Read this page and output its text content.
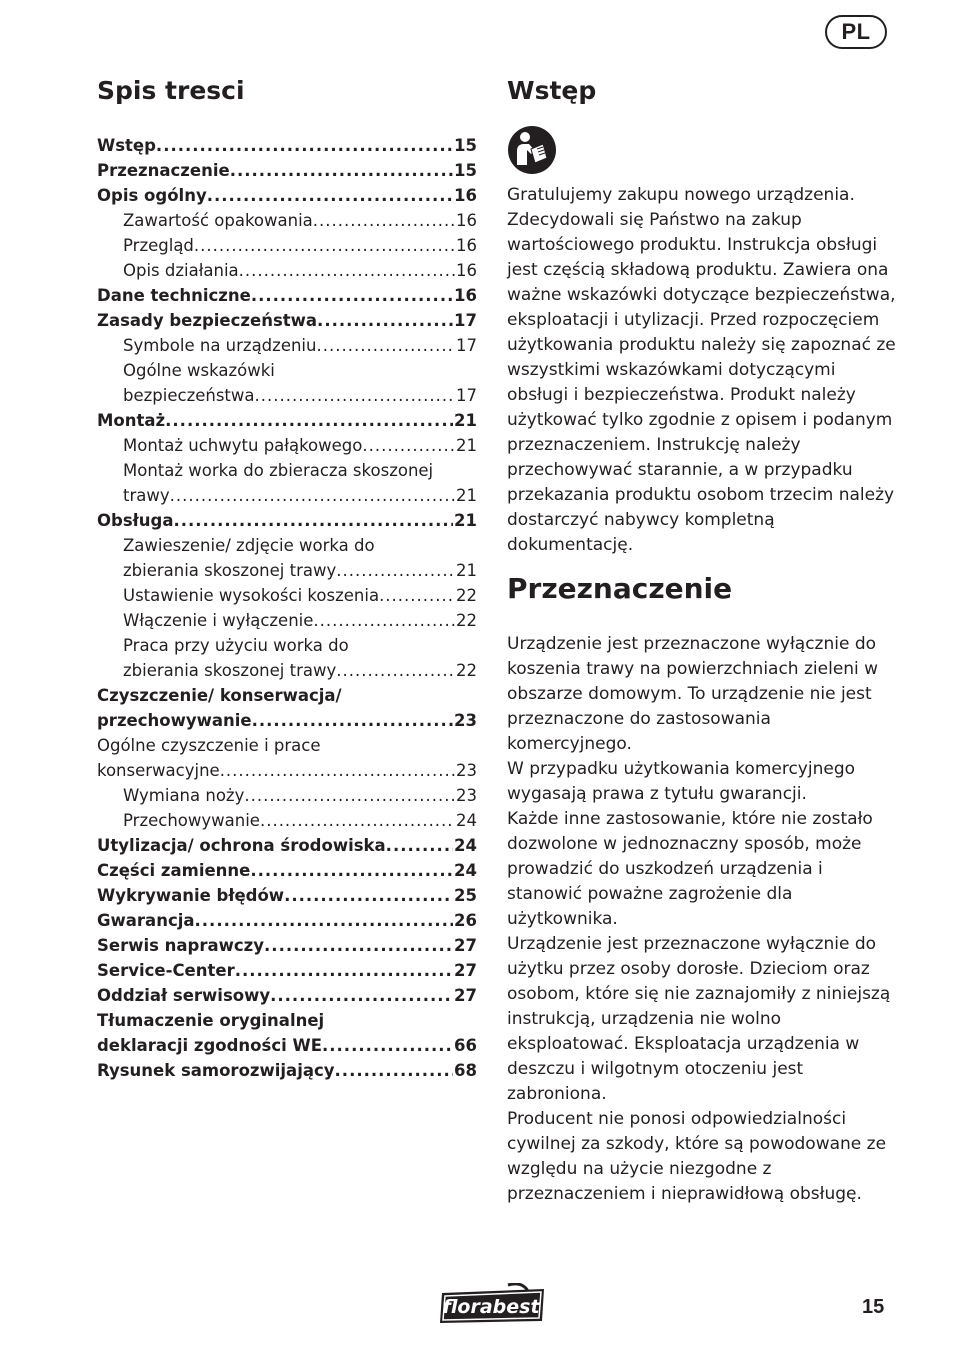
PL
Spis tresci
Wstęp .....	15
Przeznaczenie .....	15
Opis ogólny .....	16
Zawartość opakowania .....	16
Przegląd .....	16
Opis działania .....	16
Dane techniczne .....	16
Zasady bezpieczeństwa .....	17
Symbole na urządzeniu .....	17
Ogólne wskazówki
bezpieczeństwa .....	17
Montaż .....	21
Montaż uchwytu pałąkowego .....	21
Montaż worka do zbieracza skoszonej
trawy .....	21
Obsługa .....	21
Zawieszenie/ zdjęcie worka do
zbierania skoszonej trawy .....	21
Ustawienie wysokości koszenia .....	22
Włączenie i wyłączenie .....	22
Praca przy użyciu worka do
zbierania skoszonej trawy .....	22
Czyszczenie/ konserwacja/
przechowywanie .....	23
Ogólne czyszczenie i prace
konserwacyjne .....	23
Wymiana noży .....	23
Przechowywanie .....	24
Utylizacja/ ochrona środowiska .....	24
Części zamienne .....	24
Wykrywanie błędów .....	25
Gwarancja .....	26
Serwis naprawczy .....	27
Service-Center .....	27
Oddział serwisowy .....	27
Tłumaczenie oryginalnej
deklaracji zgodności WE .....	66
Rysunek samorozwijający .....	68
Wstęp

Gratulujemy zakupu nowego urządzenia. Zdecydowali się Państwo na zakup wartościowego produktu. Instrukcja obsługi jest częścią składową produktu. Zawiera ona ważne wskazówki dotyczące bezpieczeństwa, eksploatacji i utylizacji. Przed rozpoczęciem użytkowania produktu należy się zapoznać ze wszystkimi wskazówkami dotyczącymi obsługi i bezpieczeństwa. Produkt należy użytkować tylko zgodnie z opisem i podanym przeznaczeniem. Instrukcję należy przechowywać starannie, a w przypadku przekazania produktu osobom trzecim należy dostarczyć nabywcy kompletną dokumentację.

Przeznaczenie

Urządzenie jest przeznaczone wyłącznie do koszenia trawy na powierzchniach zieleni w obszarze domowym. To urządzenie nie jest przeznaczone do zastosowania komercyjnego.

W przypadku użytkowania komercyjnego wygasają prawa z tytułu gwarancji.

Każde inne zastosowanie, które nie zostało dozwolone w jednoznaczny sposób, może prowadzić do uszkodzeń urządzenia i stanowić poważne zagrożenie dla użytkownika.

Urządzenie jest przeznaczone wyłącznie do użytku przez osoby dorosłe. Dzieciom oraz osobom, które się nie zaznajomiły z niniejszą instrukcją, urządzenia nie wolno eksploatować. Eksploatacja urządzenia w deszczu i wilgotnym otoczeniu jest zabroniona.

Producent nie ponosi odpowiedzialności cywilnej za szkody, które są powodowane ze względu na użycie niezgodne z przeznaczeniem i nieprawidłową obsługę.

florabest	15
